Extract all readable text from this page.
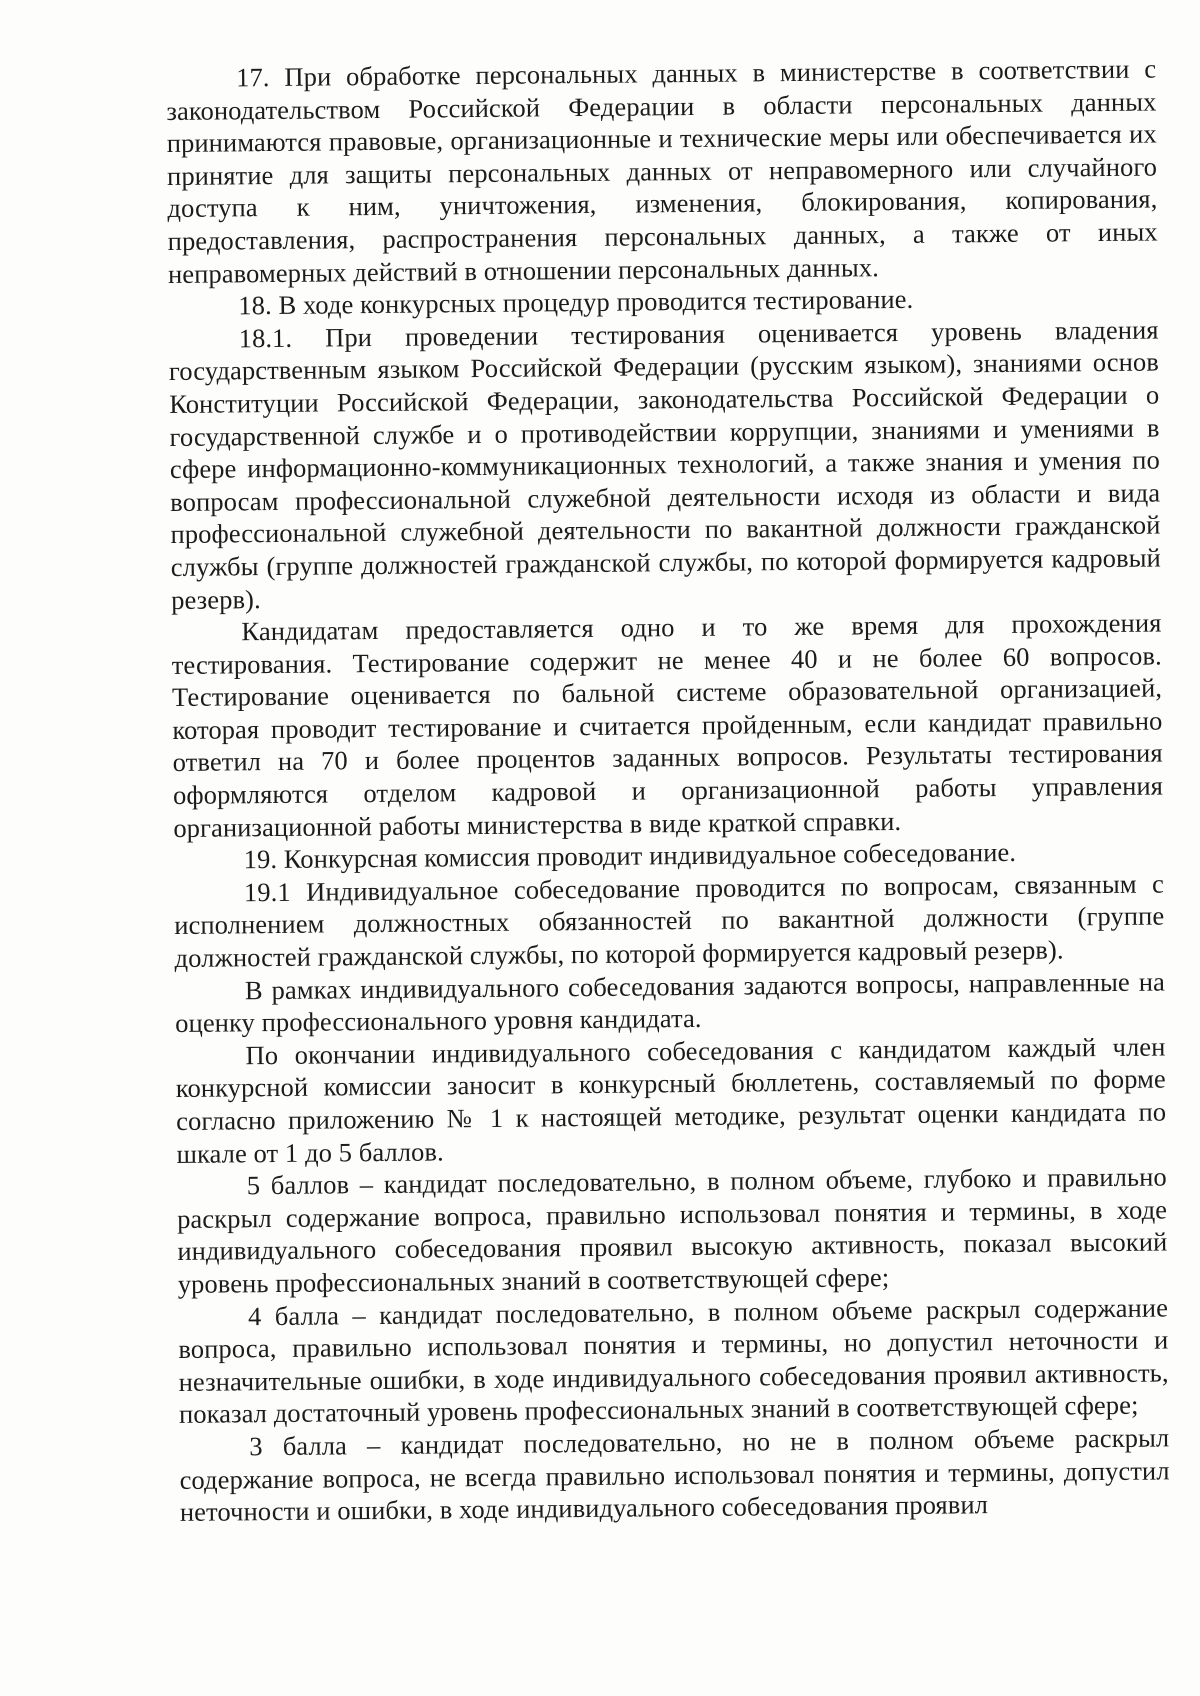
17. При обработке персональных данных в министерстве в соответствии с законодательством Российской Федерации в области персональных данных принимаются правовые, организационные и технические меры или обеспечивается их принятие для защиты персональных данных от неправомерного или случайного доступа к ним, уничтожения, изменения, блокирования, копирования, предоставления, распространения персональных данных, а также от иных неправомерных действий в отношении персональных данных.

18. В ходе конкурсных процедур проводится тестирование.

18.1. При проведении тестирования оценивается уровень владения государственным языком Российской Федерации (русским языком), знаниями основ Конституции Российской Федерации, законодательства Российской Федерации о государственной службе и о противодействии коррупции, знаниями и умениями в сфере информационно-коммуникационных технологий, а также знания и умения по вопросам профессиональной служебной деятельности исходя из области и вида профессиональной служебной деятельности по вакантной должности гражданской службы (группе должностей гражданской службы, по которой формируется кадровый резерв).

Кандидатам предоставляется одно и то же время для прохождения тестирования. Тестирование содержит не менее 40 и не более 60 вопросов. Тестирование оценивается по бальной системе образовательной организацией, которая проводит тестирование и считается пройденным, если кандидат правильно ответил на 70 и более процентов заданных вопросов. Результаты тестирования оформляются отделом кадровой и организационной работы управления организационной работы министерства в виде краткой справки.

19. Конкурсная комиссия проводит индивидуальное собеседование.

19.1 Индивидуальное собеседование проводится по вопросам, связанным с исполнением должностных обязанностей по вакантной должности (группе должностей гражданской службы, по которой формируется кадровый резерв).

В рамках индивидуального собеседования задаются вопросы, направленные на оценку профессионального уровня кандидата.

По окончании индивидуального собеседования с кандидатом каждый член конкурсной комиссии заносит в конкурсный бюллетень, составляемый по форме согласно приложению № 1 к настоящей методике, результат оценки кандидата по шкале от 1 до 5 баллов.

5 баллов – кандидат последовательно, в полном объеме, глубоко и правильно раскрыл содержание вопроса, правильно использовал понятия и термины, в ходе индивидуального собеседования проявил высокую активность, показал высокий уровень профессиональных знаний в соответствующей сфере;

4 балла – кандидат последовательно, в полном объеме раскрыл содержание вопроса, правильно использовал понятия и термины, но допустил неточности и незначительные ошибки, в ходе индивидуального собеседования проявил активность, показал достаточный уровень профессиональных знаний в соответствующей сфере;

3 балла – кандидат последовательно, но не в полном объеме раскрыл содержание вопроса, не всегда правильно использовал понятия и термины, допустил неточности и ошибки, в ходе индивидуального собеседования проявил
